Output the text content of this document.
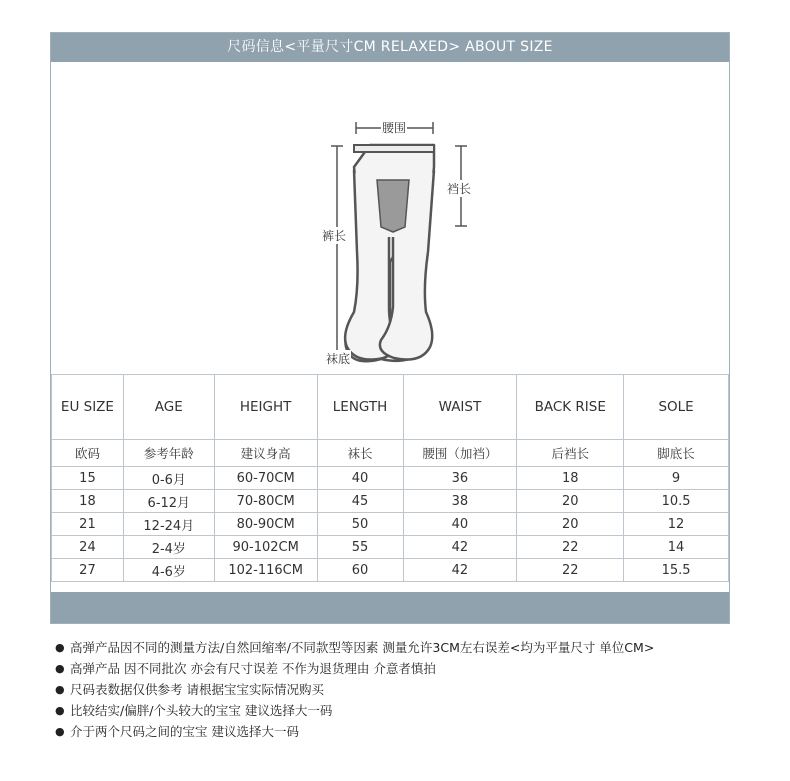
尺码信息<平量尺寸CM RELAXED> ABOUT SIZE
腰围
裆长
裤长
袜底
EU SIZE	AGE	HEIGHT	LENGTH	WAIST	BACK RISE	SOLE
欧码	参考年龄	建议身高	袜长	腰围（加裆）	后裆长	脚底长
15	0-6月	60-70CM	40	36	18	9
18	6-12月	70-80CM	45	38	20	10.5
21	12-24月	80-90CM	50	40	20	12
24	2-4岁	90-102CM	55	42	22	14
27	4-6岁	102-116CM	60	42	22	15.5
● 高弹产品因不同的测量方法/自然回缩率/不同款型等因素 测量允许3CM左右误差<均为平量尺寸 单位CM>
● 高弹产品 因不同批次 亦会有尺寸误差 不作为退货理由 介意者慎拍
● 尺码表数据仅供参考 请根据宝宝实际情况购买
● 比较结实/偏胖/个头较大的宝宝 建议选择大一码
● 介于两个尺码之间的宝宝 建议选择大一码
